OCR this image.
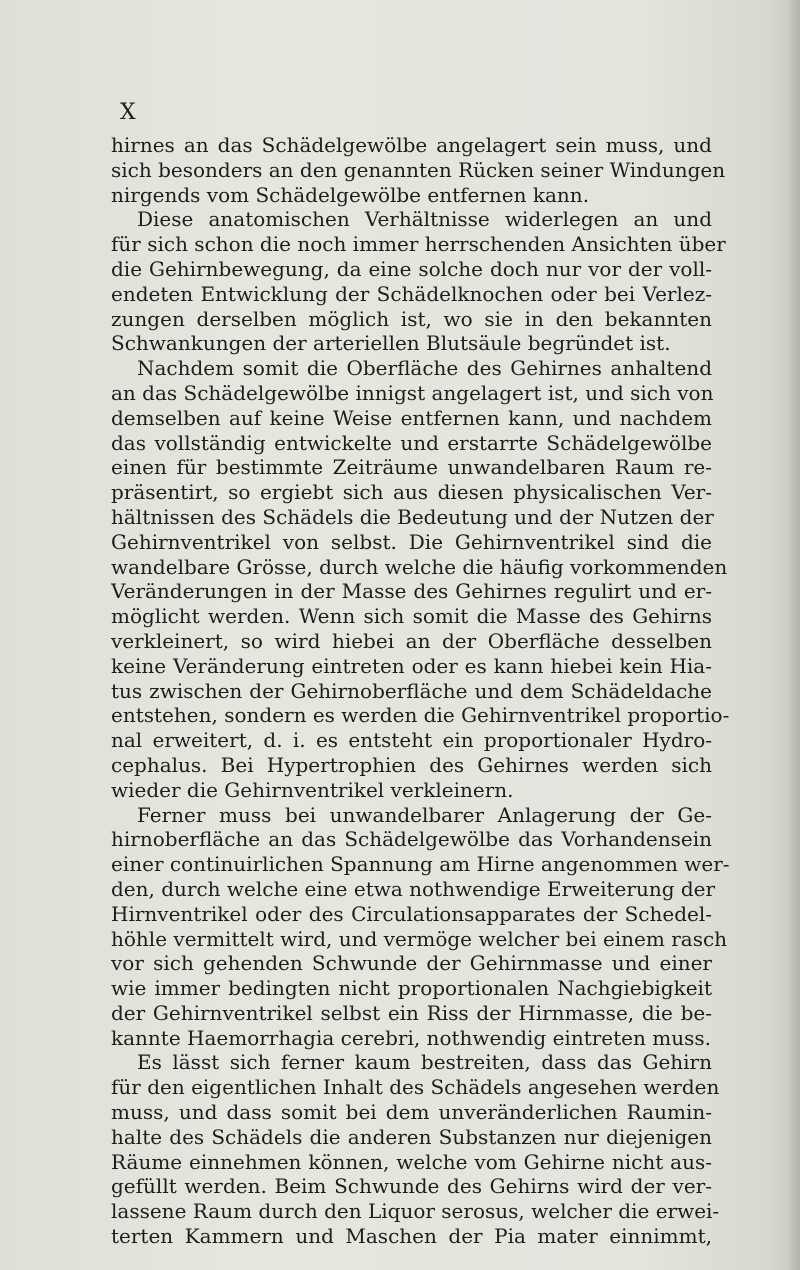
X
hirnes an das Schädelgewölbe angelagert sein muss, und
sich besonders an den genannten Rücken seiner Windungen
nirgends vom Schädelgewölbe entfernen kann.
Diese anatomischen Verhältnisse widerlegen an und
für sich schon die noch immer herrschenden Ansichten über
die Gehirnbewegung, da eine solche doch nur vor der voll-
endeten Entwicklung der Schädelknochen oder bei Verlez-
zungen derselben möglich ist, wo sie in den bekannten
Schwankungen der arteriellen Blutsäule begründet ist.
Nachdem somit die Oberfläche des Gehirnes anhaltend
an das Schädelgewölbe innigst angelagert ist, und sich von
demselben auf keine Weise entfernen kann, und nachdem
das vollständig entwickelte und erstarrte Schädelgewölbe
einen für bestimmte Zeiträume unwandelbaren Raum re-
präsentirt, so ergiebt sich aus diesen physicalischen Ver-
hältnissen des Schädels die Bedeutung und der Nutzen der
Gehirnventrikel von selbst. Die Gehirnventrikel sind die
wandelbare Grösse, durch welche die häufig vorkommenden
Veränderungen in der Masse des Gehirnes regulirt und er-
möglicht werden. Wenn sich somit die Masse des Gehirns
verkleinert, so wird hiebei an der Oberfläche desselben
keine Veränderung eintreten oder es kann hiebei kein Hia-
tus zwischen der Gehirnoberfläche und dem Schädeldache
entstehen, sondern es werden die Gehirnventrikel proportio-
nal erweitert, d. i. es entsteht ein proportionaler Hydro-
cephalus. Bei Hypertrophien des Gehirnes werden sich
wieder die Gehirnventrikel verkleinern.
Ferner muss bei unwandelbarer Anlagerung der Ge-
hirnoberfläche an das Schädelgewölbe das Vorhandensein
einer continuirlichen Spannung am Hirne angenommen wer-
den, durch welche eine etwa nothwendige Erweiterung der
Hirnventrikel oder des Circulationsapparates der Schedel-
höhle vermittelt wird, und vermöge welcher bei einem rasch
vor sich gehenden Schwunde der Gehirnmasse und einer
wie immer bedingten nicht proportionalen Nachgiebigkeit
der Gehirnventrikel selbst ein Riss der Hirnmasse, die be-
kannte Haemorrhagia cerebri, nothwendig eintreten muss.
Es lässt sich ferner kaum bestreiten, dass das Gehirn
für den eigentlichen Inhalt des Schädels angesehen werden
muss, und dass somit bei dem unveränderlichen Raumin-
halte des Schädels die anderen Substanzen nur diejenigen
Räume einnehmen können, welche vom Gehirne nicht aus-
gefüllt werden. Beim Schwunde des Gehirns wird der ver-
lassene Raum durch den Liquor serosus, welcher die erwei-
terten Kammern und Maschen der Pia mater einnimmt,
